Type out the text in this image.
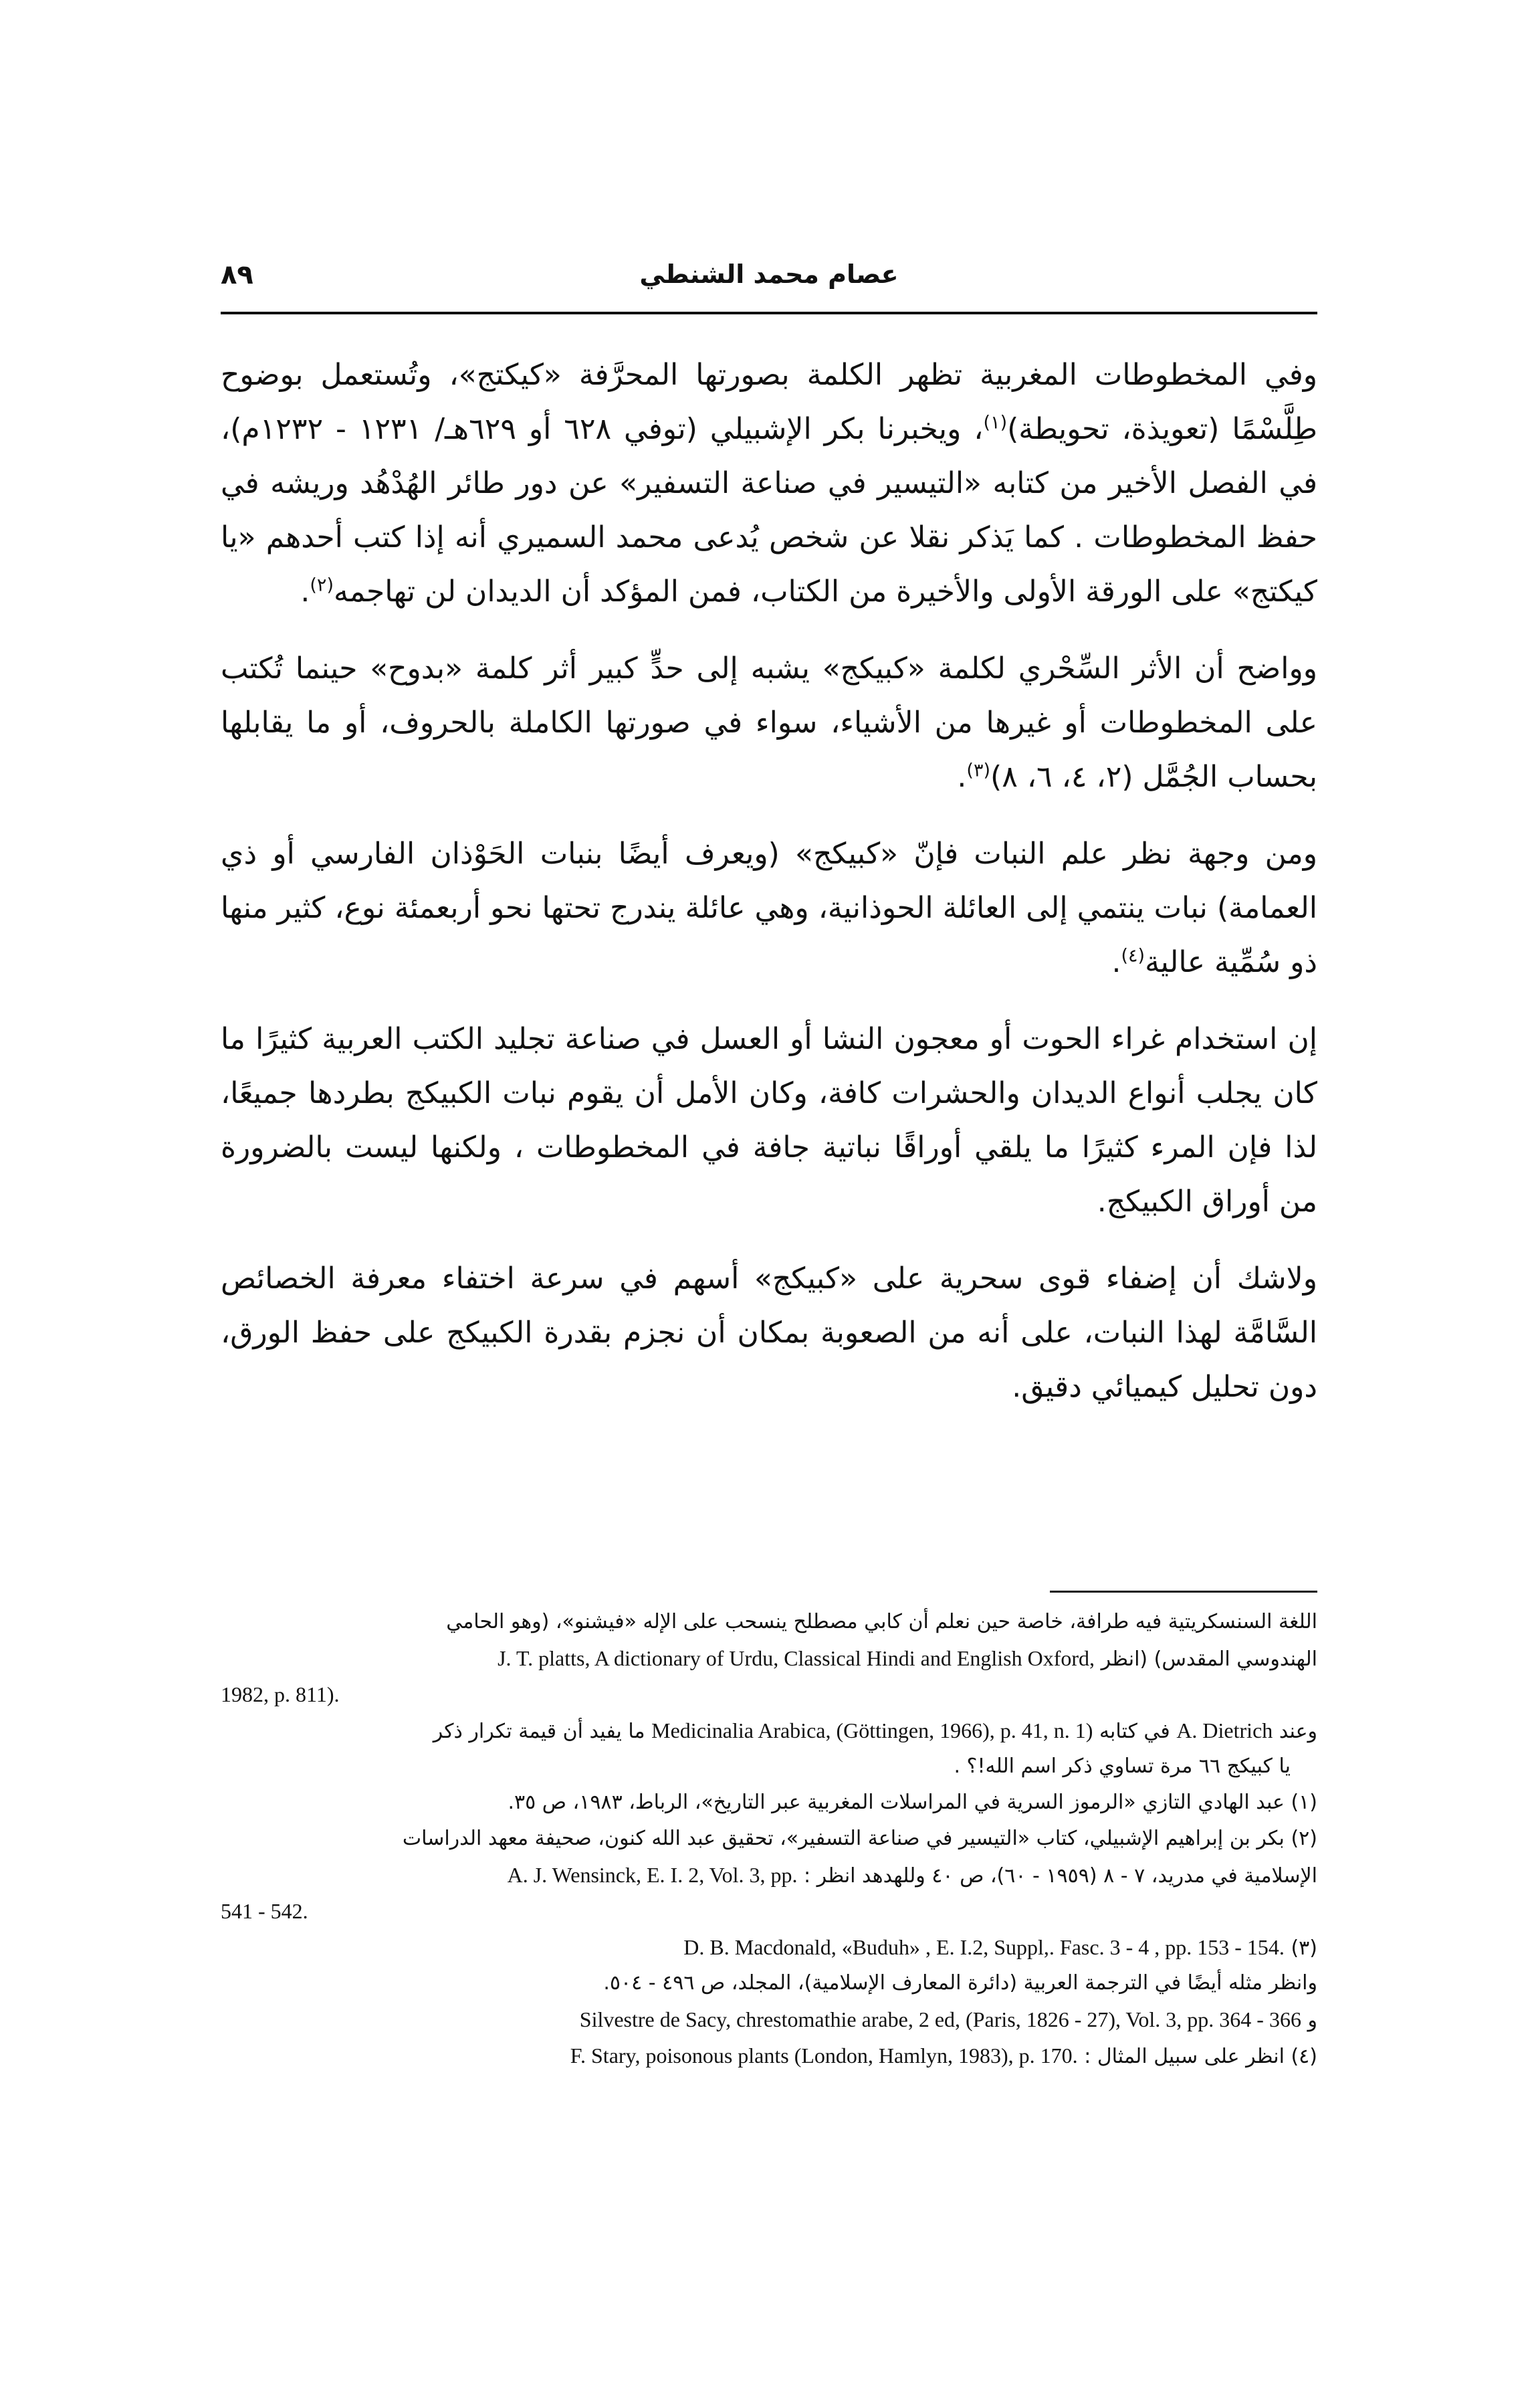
٨٩	عصام محمد الشنطي

وفي المخطوطات المغربية تظهر الكلمة بصورتها المحرَّفة «كيكتج»، وتُستعمل بوضوح طِلَّسْمًا (تعويذة، تحويطة)$^{(١)}$، ويخبرنا بكر الإشبيلي (توفي ٦٢٨ أو ٦٢٩هـ/ ١٢٣١ - ١٢٣٢م)، في الفصل الأخير من كتابه «التيسير في صناعة التسفير» عن دور طائر الهُدْهُد وريشه في حفظ المخطوطات . كما يَذكر نقلا عن شخص يُدعى محمد السميري أنه إذا كتب أحدهم «يا كيكتج» على الورقة الأولى والأخيرة من الكتاب، فمن المؤكد أن الديدان لن تهاجمه$^{(٢)}$.

وواضح أن الأثر السِّحْري لكلمة «كبيكج» يشبه إلى حدٍّ كبير أثر كلمة «بدوح» حينما تُكتب على المخطوطات أو غيرها من الأشياء، سواء في صورتها الكاملة بالحروف، أو ما يقابلها بحساب الجُمَّل (٢، ٤، ٦، ٨)$^{(٣)}$.

ومن وجهة نظر علم النبات فإنّ «كبيكج» (ويعرف أيضًا بنبات الحَوْذان الفارسي أو ذي العمامة) نبات ينتمي إلى العائلة الحوذانية، وهي عائلة يندرج تحتها نحو أربعمئة نوع، كثير منها ذو سُمِّية عالية$^{(٤)}$.

إن استخدام غراء الحوت أو معجون النشا أو العسل في صناعة تجليد الكتب العربية كثيرًا ما كان يجلب أنواع الديدان والحشرات كافة، وكان الأمل أن يقوم نبات الكبيكج بطردها جميعًا، لذا فإن المرء كثيرًا ما يلقي أوراقًا نباتية جافة في المخطوطات ، ولكنها ليست بالضرورة من أوراق الكبيكج.

ولاشك أن إضفاء قوى سحرية على «كبيكج» أسهم في سرعة اختفاء معرفة الخصائص السَّامَّة لهذا النبات، على أنه من الصعوبة بمكان أن نجزم بقدرة الكبيكج على حفظ الورق، دون تحليل كيميائي دقيق.

اللغة السنسكريتية فيه طرافة، خاصة حين نعلم أن كابي مصطلح ينسحب على الإله «فيشنو»، (وهو الحامي
الهندوسي المقدس) (انظر J. T. platts, A dictionary of Urdu, Classical Hindi and English Oxford,
1982, p. 811).
وعند A. Dietrich في كتابه Medicinalia Arabica, (Göttingen, 1966), p. 41, n. 1) ما يفيد أن قيمة تكرار ذكر
يا كبيكج ٦٦ مرة تساوي ذكر اسم الله!؟ .
(١) عبد الهادي التازي «الرموز السرية في المراسلات المغربية عبر التاريخ»، الرباط، ١٩٨٣، ص ٣٥.
(٢) بكر بن إبراهيم الإشبيلي، كتاب «التيسير في صناعة التسفير»، تحقيق عبد الله كنون، صحيفة معهد الدراسات
الإسلامية في مدريد، ٧ - ٨ (١٩٥٩ - ٦٠)، ص ٤٠ وللهدهد انظر : A. J. Wensinck, E. I. 2, Vol. 3, pp.
541 - 542.
(٣) D. B. Macdonald, «Buduh» , E. I.2, Suppl,. Fasc. 3 - 4 , pp. 153 - 154.
وانظر مثله أيضًا في الترجمة العربية (دائرة المعارف الإسلامية)، المجلد، ص ٤٩٦ - ٥٠٤.
و Silvestre de Sacy, chrestomathie arabe, 2 ed, (Paris, 1826 - 27), Vol. 3, pp. 364 - 366
(٤) انظر على سبيل المثال : F. Stary, poisonous plants (London, Hamlyn, 1983), p. 170.
